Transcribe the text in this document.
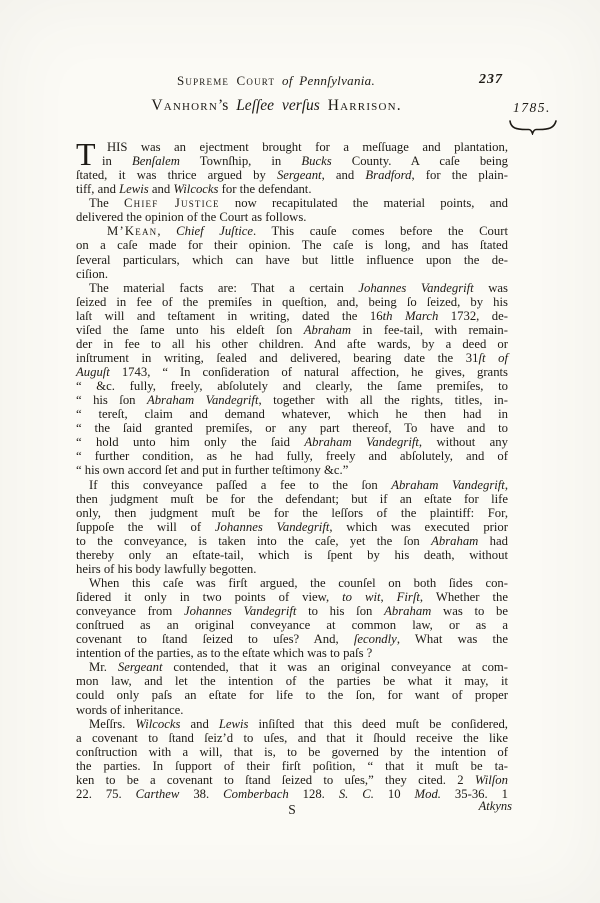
Supreme Court of Pennſylvania.	237
Vanhorn’s Leſſee verſus Harrison.	1785.
T HIS was an ejectment brought for a meſſuage and plantation,
in Benſalem Townſhip, in Bucks County. A caſe being
ſtated, it was thrice argued by Sergeant, and Bradford, for the plain-
tiff, and Lewis and Wilcocks for the defendant.
The Chief Justice now recapitulated the material points, and
delivered the opinion of the Court as follows.
M’Kean, Chief Juſtice. This cauſe comes before the Court
on a caſe made for their opinion. The caſe is long, and has ſtated
ſeveral particulars, which can have but little influence upon the de-
ciſion.
The material facts are: That a certain Johannes Vandegrift was
ſeized in fee of the premiſes in queſtion, and, being ſo ſeized, by his
laſt will and teſtament in writing, dated the 16th March 1732, de-
viſed the ſame unto his eldeſt ſon Abraham in fee-tail, with remain-
der in fee to all his other children. And afte wards, by a deed or
inſtrument in writing, ſealed and delivered, bearing date the 31ſt of
Auguſt 1743, “ In conſideration of natural affection, he gives, grants
“ &c. fully, freely, abſolutely and clearly, the ſame premiſes, to
“ his ſon Abraham Vandegrift, together with all the rights, titles, in-
“ tereſt, claim and demand whatever, which he then had in
“ the ſaid granted premiſes, or any part thereof, To have and to
“ hold unto him only the ſaid Abraham Vandegrift, without any
“ further condition, as he had fully, freely and abſolutely, and of
“ his own accord ſet and put in further teſtimony &c.”
If this conveyance paſſed a fee to the ſon Abraham Vandegrift,
then judgment muſt be for the defendant; but if an eſtate for life
only, then judgment muſt be for the leſſors of the plaintiff: For,
ſuppoſe the will of Johannes Vandegrift, which was executed prior
to the conveyance, is taken into the caſe, yet the ſon Abraham had
thereby only an eſtate-tail, which is ſpent by his death, without
heirs of his body lawfully begotten.
When this caſe was firſt argued, the counſel on both ſides con-
ſidered it only in two points of view, to wit, Firſt, Whether the
conveyance from Johannes Vandegrift to his ſon Abraham was to be
conſtrued as an original conveyance at common law, or as a
covenant to ſtand ſeized to uſes? And, ſecondly, What was the
intention of the parties, as to the eſtate which was to paſs ?
Mr. Sergeant contended, that it was an original conveyance at com-
mon law, and let the intention of the parties be what it may, it
could only paſs an eſtate for life to the ſon, for want of proper
words of inheritance.
Meſſrs. Wilcocks and Lewis inſiſted that this deed muſt be conſidered,
a covenant to ſtand ſeiz’d to uſes, and that it ſhould receive the like
conſtruction with a will, that is, to be governed by the intention of
the parties. In ſupport of their firſt poſition, “ that it muſt be ta-
ken to be a covenant to ſtand ſeized to uſes,” they cited. 2 Wilſon
22. 75. Carthew 38. Comberbach 128. S. C. 10 Mod. 35-36. 1
S	Atkyns
